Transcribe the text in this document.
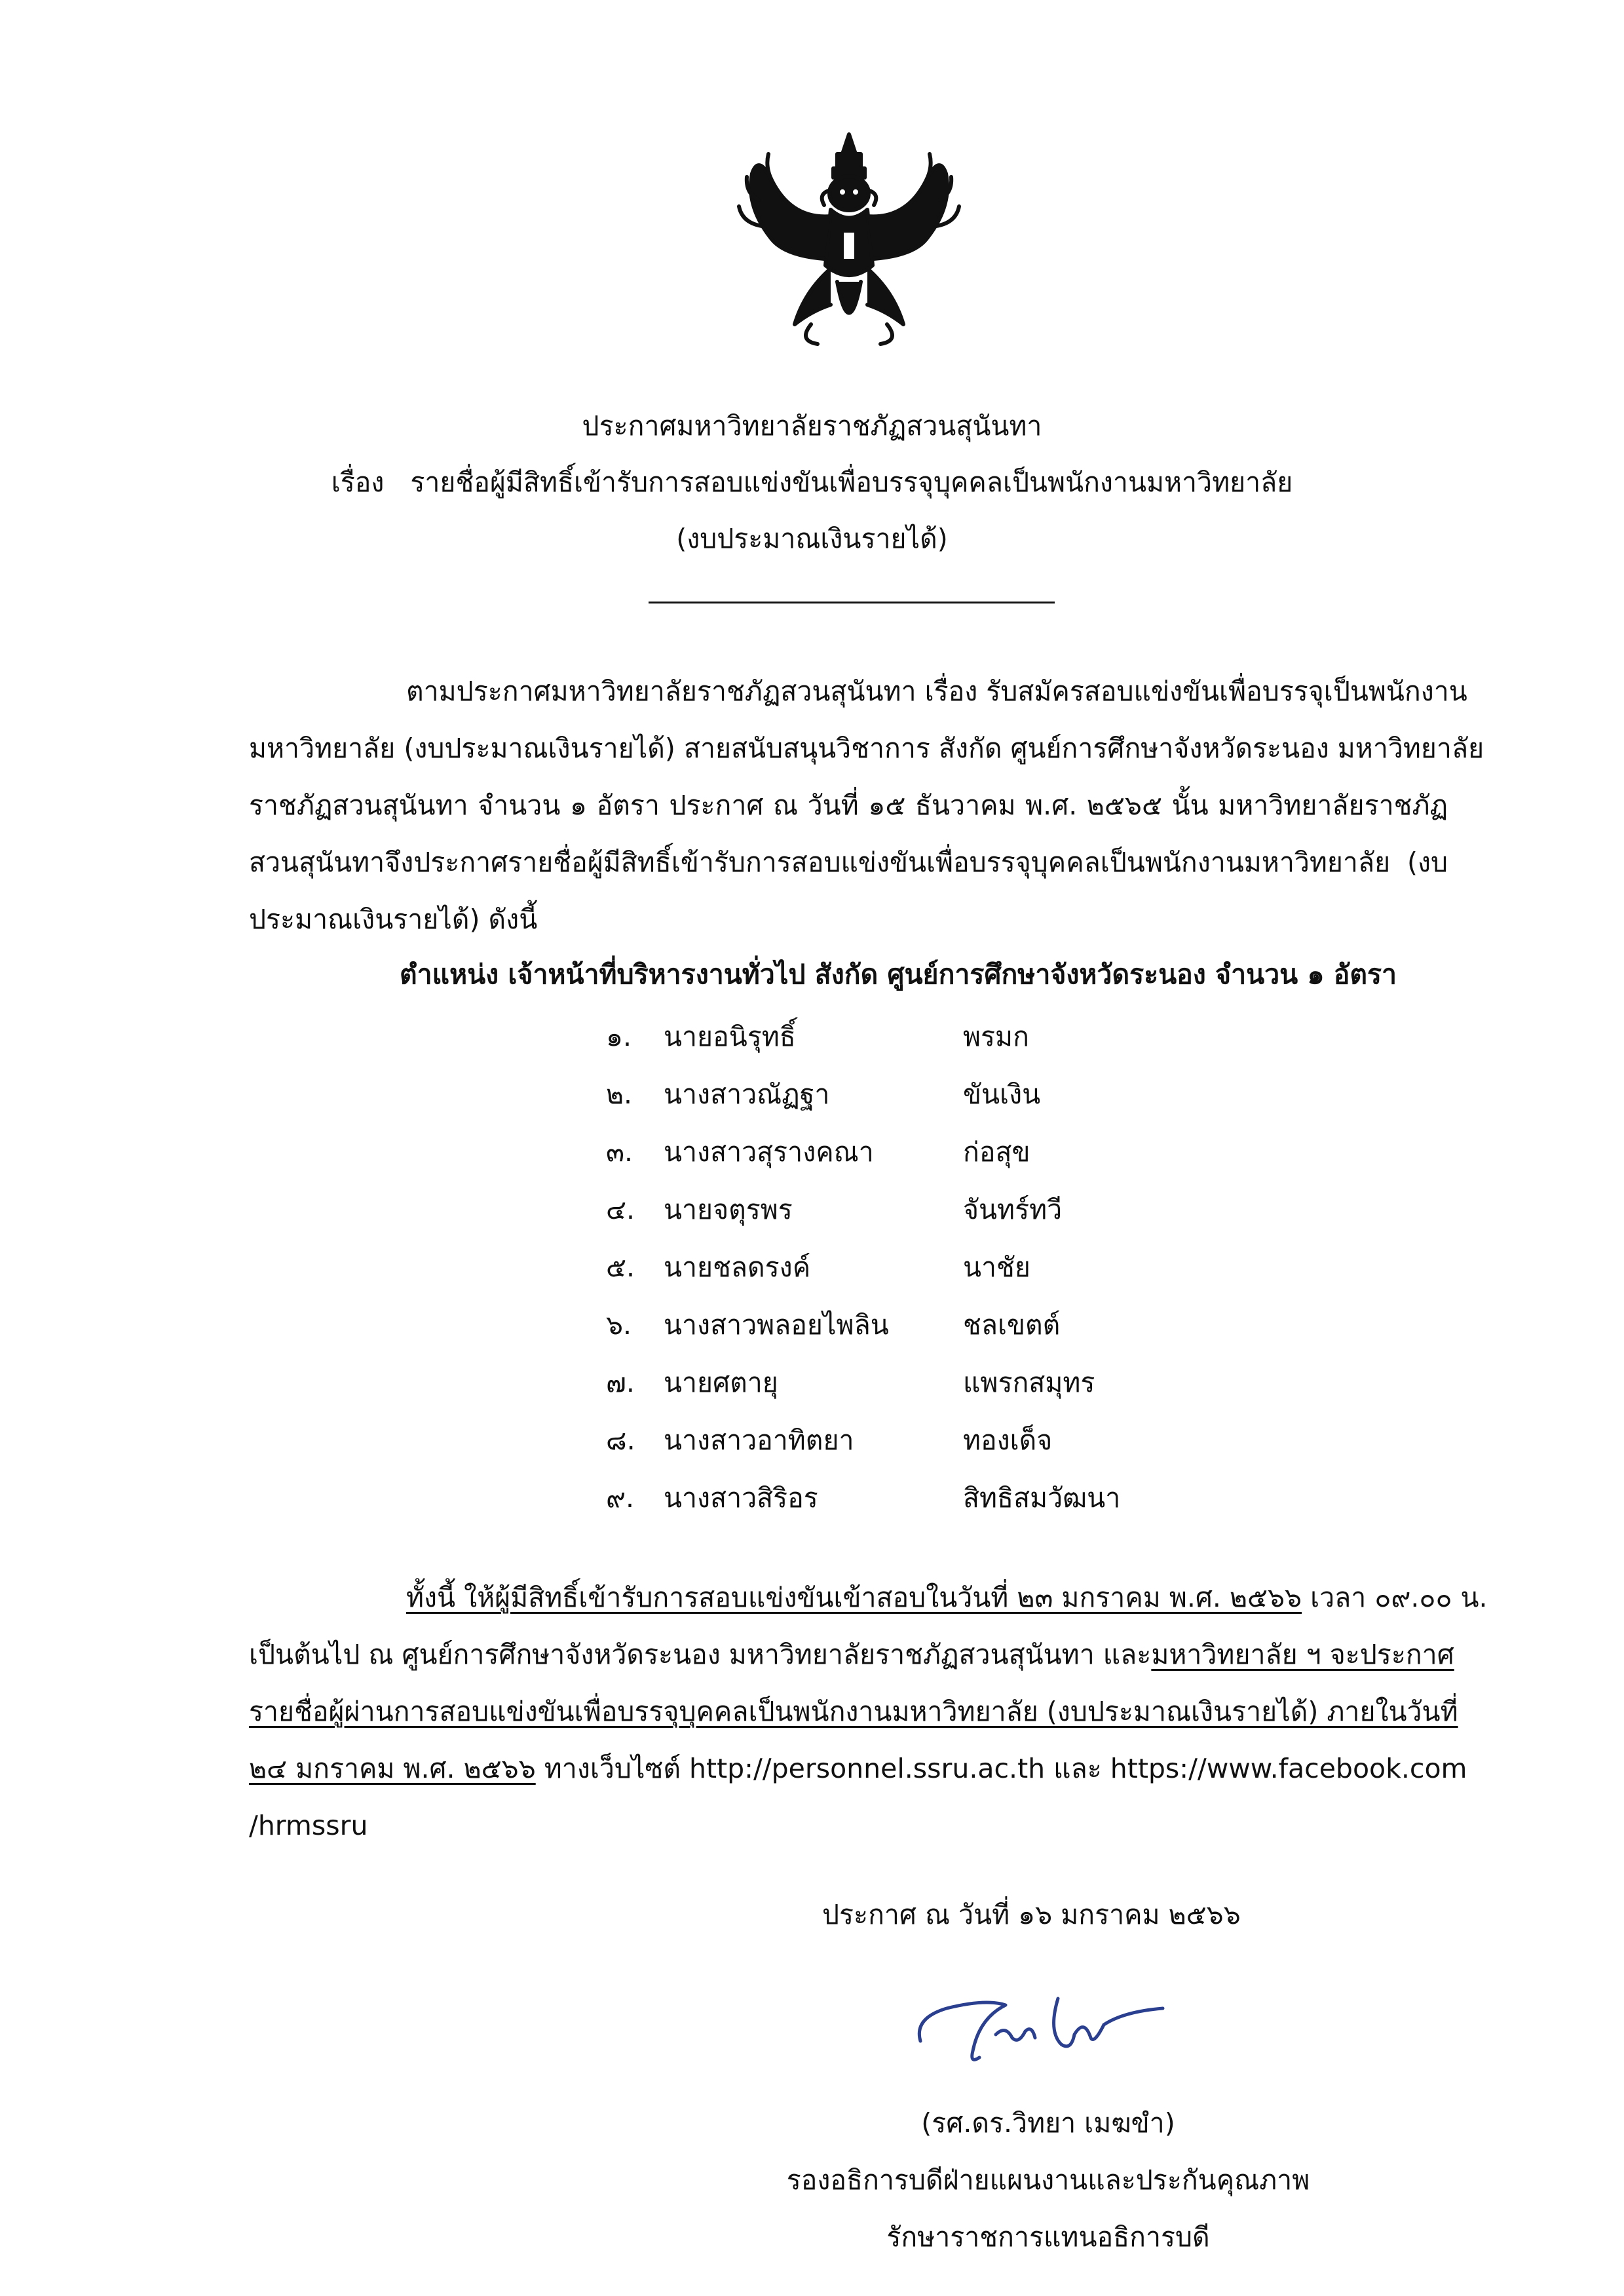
ประกาศมหาวิทยาลัยราชภัฏสวนสุนันทา
เรื่อง รายชื่อผู้มีสิทธิ์เข้ารับการสอบแข่งขันเพื่อบรรจุบุคคลเป็นพนักงานมหาวิทยาลัย
(งบประมาณเงินรายได้)
ตามประกาศมหาวิทยาลัยราชภัฏสวนสุนันทา เรื่อง รับสมัครสอบแข่งขันเพื่อบรรจุเป็นพนักงาน
มหาวิทยาลัย (งบประมาณเงินรายได้) สายสนับสนุนวิชาการ สังกัด ศูนย์การศึกษาจังหวัดระนอง มหาวิทยาลัย
ราชภัฏสวนสุนันทา จำนวน ๑ อัตรา ประกาศ ณ วันที่ ๑๕ ธันวาคม พ.ศ. ๒๕๖๕ นั้น มหาวิทยาลัยราชภัฏ
สวนสุนันทาจึงประกาศรายชื่อผู้มีสิทธิ์เข้ารับการสอบแข่งขันเพื่อบรรจุบุคคลเป็นพนักงานมหาวิทยาลัย (งบ
ประมาณเงินรายได้) ดังนี้
ตำแหน่ง เจ้าหน้าที่บริหารงานทั่วไป สังกัด ศูนย์การศึกษาจังหวัดระนอง จำนวน ๑ อัตรา
๑.	นายอนิรุทธิ์	พรมก
๒.	นางสาวณัฏฐา	ขันเงิน
๓.	นางสาวสุรางคณา	ก่อสุข
๔.	นายจตุรพร	จันทร์ทวี
๕.	นายชลดรงค์	นาชัย
๖.	นางสาวพลอยไพลิน	ชลเขตต์
๗.	นายศตายุ	แพรกสมุทร
๘.	นางสาวอาทิตยา	ทองเด็จ
๙.	นางสาวสิริอร	สิทธิสมวัฒนา
ทั้งนี้ ให้ผู้มีสิทธิ์เข้ารับการสอบแข่งขันเข้าสอบในวันที่ ๒๓ มกราคม พ.ศ. ๒๕๖๖ เวลา ๐๙.๐๐ น.
เป็นต้นไป ณ ศูนย์การศึกษาจังหวัดระนอง มหาวิทยาลัยราชภัฏสวนสุนันทา และมหาวิทยาลัย ฯ จะประกาศ
รายชื่อผู้ผ่านการสอบแข่งขันเพื่อบรรจุบุคคลเป็นพนักงานมหาวิทยาลัย (งบประมาณเงินรายได้) ภายในวันที่
๒๔ มกราคม พ.ศ. ๒๕๖๖ ทางเว็บไซต์ http://personnel.ssru.ac.th และ https://www.facebook.com
/hrmssru
ประกาศ ณ วันที่ ๑๖ มกราคม ๒๕๖๖
(รศ.ดร.วิทยา เมฆขำ)
รองอธิการบดีฝ่ายแผนงานและประกันคุณภาพ
รักษาราชการแทนอธิการบดี
